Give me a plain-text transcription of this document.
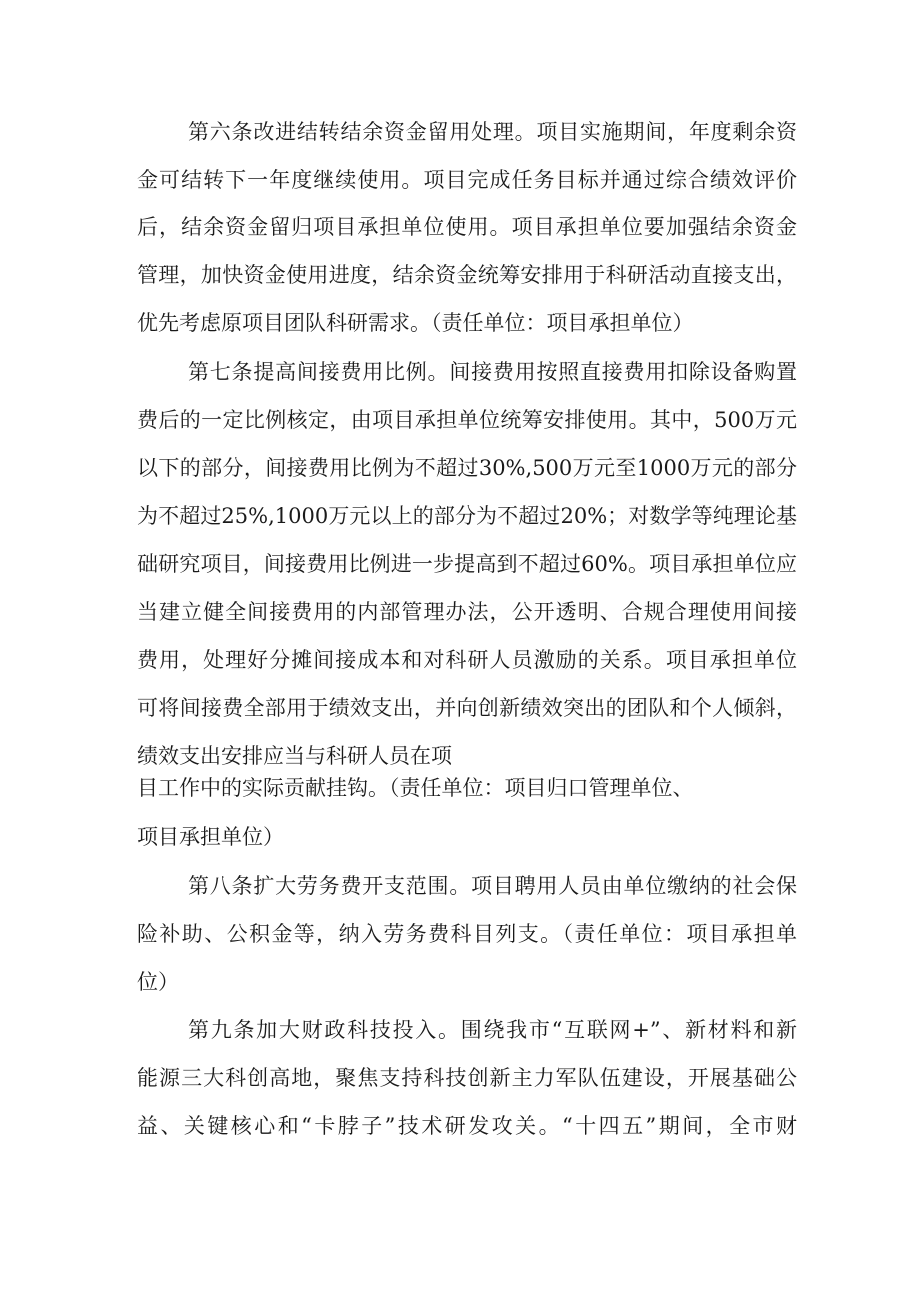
第六条改进结转结余资金留用处理。项目实施期间，年度剩余资
金可结转下一年度继续使用。项目完成任务目标并通过综合绩效评价
后，结余资金留归项目承担单位使用。项目承担单位要加强结余资金
管理，加快资金使用进度，结余资金统筹安排用于科研活动直接支出，
优先考虑原项目团队科研需求。（责任单位：项目承担单位）
第七条提高间接费用比例。间接费用按照直接费用扣除设备购置
费后的一定比例核定，由项目承担单位统筹安排使用。其中，500万元
以下的部分，间接费用比例为不超过30%,500万元至1000万元的部分
为不超过25%,1000万元以上的部分为不超过20%；对数学等纯理论基
础研究项目，间接费用比例进一步提高到不超过60%。项目承担单位应
当建立健全间接费用的内部管理办法，公开透明、合规合理使用间接
费用，处理好分摊间接成本和对科研人员激励的关系。项目承担单位
可将间接费全部用于绩效支出，并向创新绩效突出的团队和个人倾斜，
绩效支出安排应当与科研人员在项
目工作中的实际贡献挂钩。（责任单位：项目归口管理单位、
项目承担单位）
第八条扩大劳务费开支范围。项目聘用人员由单位缴纳的社会保
险补助、公积金等，纳入劳务费科目列支。（责任单位：项目承担单
位）
第九条加大财政科技投入。围绕我市“互联网+”、新材料和新
能源三大科创高地，聚焦支持科技创新主力军队伍建设，开展基础公
益、关键核心和“卡脖子”技术研发攻关。“十四五”期间，全市财
